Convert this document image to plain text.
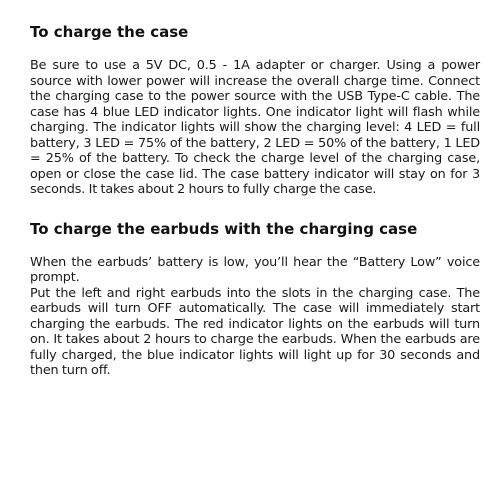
To charge the case

Be sure to use a 5V DC, 0.5 - 1A adapter or charger. Using a power source with lower power will increase the overall charge time. Connect the charging case to the power source with the USB Type-C cable. The case has 4 blue LED indicator lights. One indicator light will flash while charging. The indicator lights will show the charging level: 4 LED = full battery, 3 LED = 75% of the battery, 2 LED = 50% of the battery, 1 LED = 25% of the battery. To check the charge level of the charging case, open or close the case lid. The case battery indicator will stay on for 3 seconds. It takes about 2 hours to fully charge the case.

To charge the earbuds with the charging case

When the earbuds’ battery is low, you’ll hear the “Battery Low” voice prompt.

Put the left and right earbuds into the slots in the charging case. The earbuds will turn OFF automatically. The case will immediately start charging the earbuds. The red indicator lights on the earbuds will turn on. It takes about 2 hours to charge the earbuds. When the earbuds are fully charged, the blue indicator lights will light up for 30 seconds and then turn off.
